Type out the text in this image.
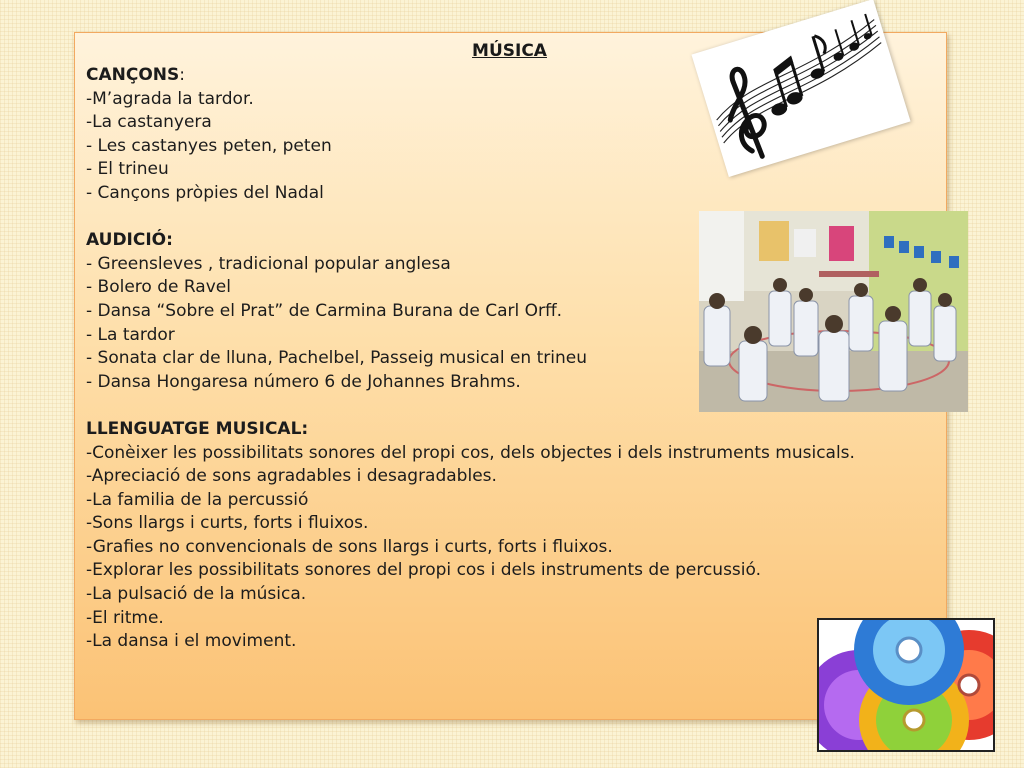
MÚSICA
CANÇONS:
-M’agrada la tardor.
-La castanyera
- Les castanyes peten, peten
- El trineu
- Cançons pròpies del Nadal
AUDICIÓ:
- Greensleves , tradicional popular anglesa
- Bolero de Ravel
- Dansa “Sobre el Prat” de Carmina Burana de Carl Orff.
- La tardor
- Sonata clar de lluna, Pachelbel, Passeig musical en trineu
- Dansa Hongaresa número 6 de Johannes Brahms.
LLENGUATGE MUSICAL:
-Conèixer les possibilitats sonores del propi cos, dels objectes i dels instruments musicals.
-Apreciació de sons agradables i desagradables.
-La familia de la percussió
-Sons llargs i curts, forts i fluixos.
-Grafies no convencionals de sons llargs i curts, forts i fluixos.
-Explorar les possibilitats sonores del propi cos i dels instruments de percussió.
-La pulsació de la música.
-El ritme.
-La dansa i el moviment.
